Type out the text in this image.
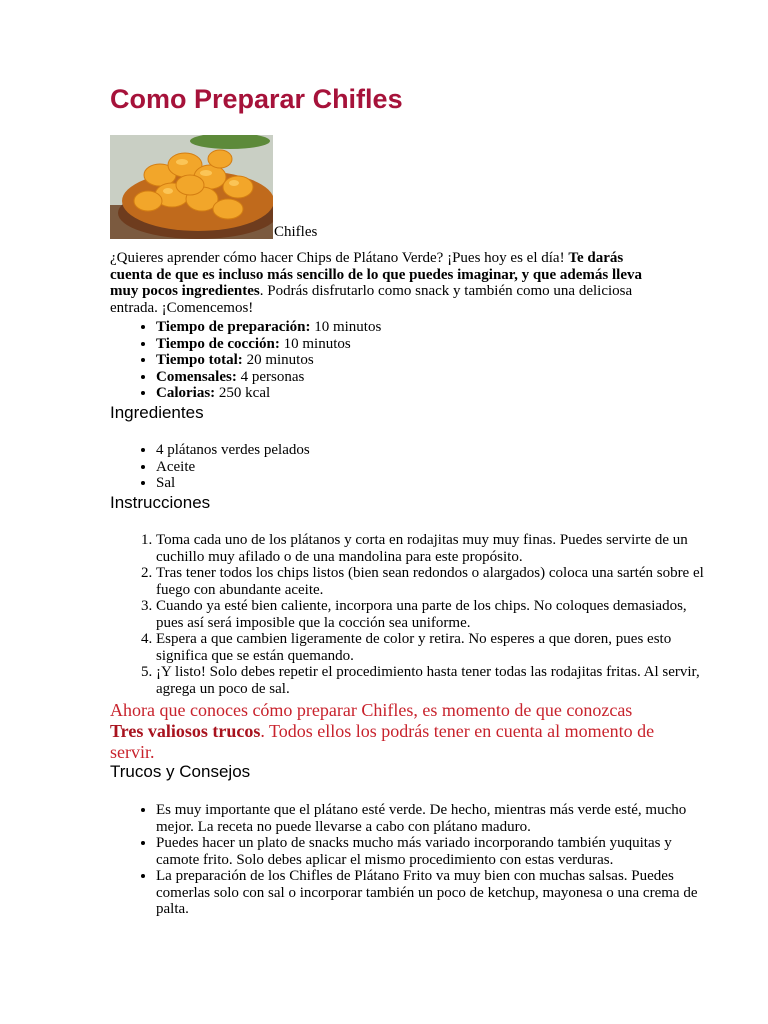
Como Preparar Chifles
Chifles

¿Quieres aprender cómo hacer Chips de Plátano Verde? ¡Pues hoy es el día! Te darás cuenta de que es incluso más sencillo de lo que puedes imaginar, y que además lleva muy pocos ingredientes. Podrás disfrutarlo como snack y también como una deliciosa entrada. ¡Comencemos!

• Tiempo de preparación: 10 minutos
• Tiempo de cocción: 10 minutos
• Tiempo total: 20 minutos
• Comensales: 4 personas
• Calorias: 250 kcal
Ingredientes
• 4 plátanos verdes pelados
• Aceite
• Sal
Instrucciones
1. Toma cada uno de los plátanos y corta en rodajitas muy muy finas. Puedes servirte de un cuchillo muy afilado o de una mandolina para este propósito.
2. Tras tener todos los chips listos (bien sean redondos o alargados) coloca una sartén sobre el fuego con abundante aceite.
3. Cuando ya esté bien caliente, incorpora una parte de los chips. No coloques demasiados, pues así será imposible que la cocción sea uniforme.
4. Espera a que cambien ligeramente de color y retira. No esperes a que doren, pues esto significa que se están quemando.
5. ¡Y listo! Solo debes repetir el procedimiento hasta tener todas las rodajitas fritas. Al servir, agrega un poco de sal.

Ahora que conoces cómo preparar Chifles, es momento de que conozcas Tres valiosos trucos. Todos ellos los podrás tener en cuenta al momento de servir.

Trucos y Consejos
• Es muy importante que el plátano esté verde. De hecho, mientras más verde esté, mucho mejor. La receta no puede llevarse a cabo con plátano maduro.
• Puedes hacer un plato de snacks mucho más variado incorporando también yuquitas y camote frito. Solo debes aplicar el mismo procedimiento con estas verduras.
• La preparación de los Chifles de Plátano Frito va muy bien con muchas salsas. Puedes comerlas solo con sal o incorporar también un poco de ketchup, mayonesa o una crema de palta.
